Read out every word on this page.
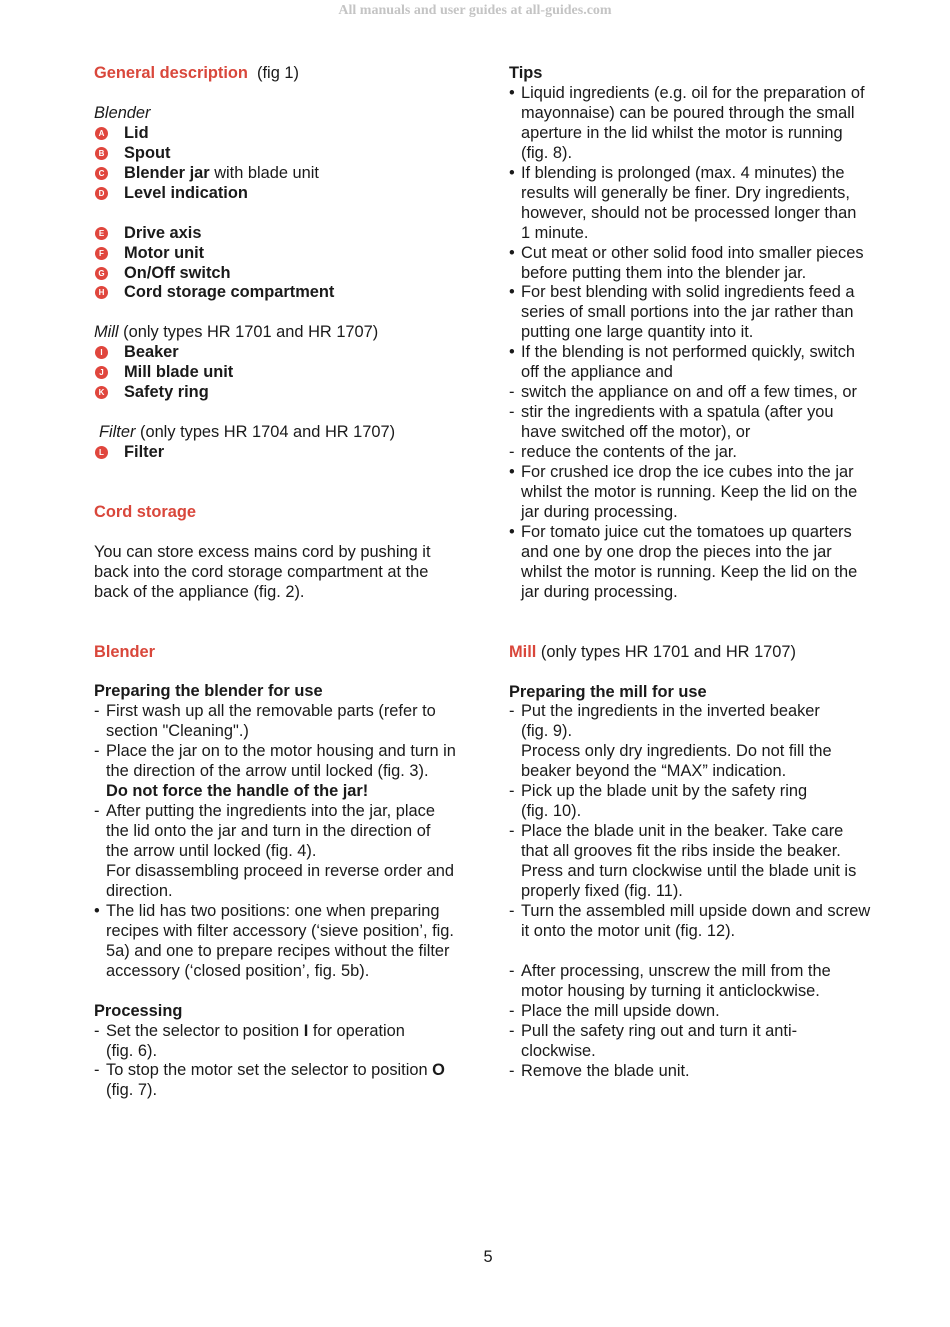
All manuals and user guides at all-guides.com
General description (fig 1)
Blender
A Lid
B Spout
C Blender jar with blade unit
D Level indication
E Drive axis
F Motor unit
G On/Off switch
H Cord storage compartment
Mill (only types HR 1701 and HR 1707)
I Beaker
J Mill blade unit
K Safety ring
Filter (only types HR 1704 and HR 1707)
L Filter
Cord storage
You can store excess mains cord by pushing it
back into the cord storage compartment at the
back of the appliance (fig. 2).
Blender
Preparing the blender for use
- First wash up all the removable parts (refer to
section "Cleaning".)
- Place the jar on to the motor housing and turn in
the direction of the arrow until locked (fig. 3).
Do not force the handle of the jar!
- After putting the ingredients into the jar, place
the lid onto the jar and turn in the direction of
the arrow until locked (fig. 4).
For disassembling proceed in reverse order and
direction.
• The lid has two positions: one when preparing
recipes with filter accessory (‘sieve position’, fig.
5a) and one to prepare recipes without the filter
accessory (‘closed position’, fig. 5b).
Processing
- Set the selector to position I for operation
(fig. 6).
- To stop the motor set the selector to position O
(fig. 7).
Tips
• Liquid ingredients (e.g. oil for the preparation of
mayonnaise) can be poured through the small
aperture in the lid whilst the motor is running
(fig. 8).
• If blending is prolonged (max. 4 minutes) the
results will generally be finer. Dry ingredients,
however, should not be processed longer than
1 minute.
• Cut meat or other solid food into smaller pieces
before putting them into the blender jar.
• For best blending with solid ingredients feed a
series of small portions into the jar rather than
putting one large quantity into it.
• If the blending is not performed quickly, switch
off the appliance and
- switch the appliance on and off a few times, or
- stir the ingredients with a spatula (after you
have switched off the motor), or
- reduce the contents of the jar.
• For crushed ice drop the ice cubes into the jar
whilst the motor is running. Keep the lid on the
jar during processing.
• For tomato juice cut the tomatoes up quarters
and one by one drop the pieces into the jar
whilst the motor is running. Keep the lid on the
jar during processing.
Mill (only types HR 1701 and HR 1707)
Preparing the mill for use
- Put the ingredients in the inverted beaker
(fig. 9).
Process only dry ingredients. Do not fill the
beaker beyond the “MAX” indication.
- Pick up the blade unit by the safety ring
(fig. 10).
- Place the blade unit in the beaker. Take care
that all grooves fit the ribs inside the beaker.
Press and turn clockwise until the blade unit is
properly fixed (fig. 11).
- Turn the assembled mill upside down and screw
it onto the motor unit (fig. 12).
- After processing, unscrew the mill from the
motor housing by turning it anticlockwise.
- Place the mill upside down.
- Pull the safety ring out and turn it anti-
clockwise.
- Remove the blade unit.
5
